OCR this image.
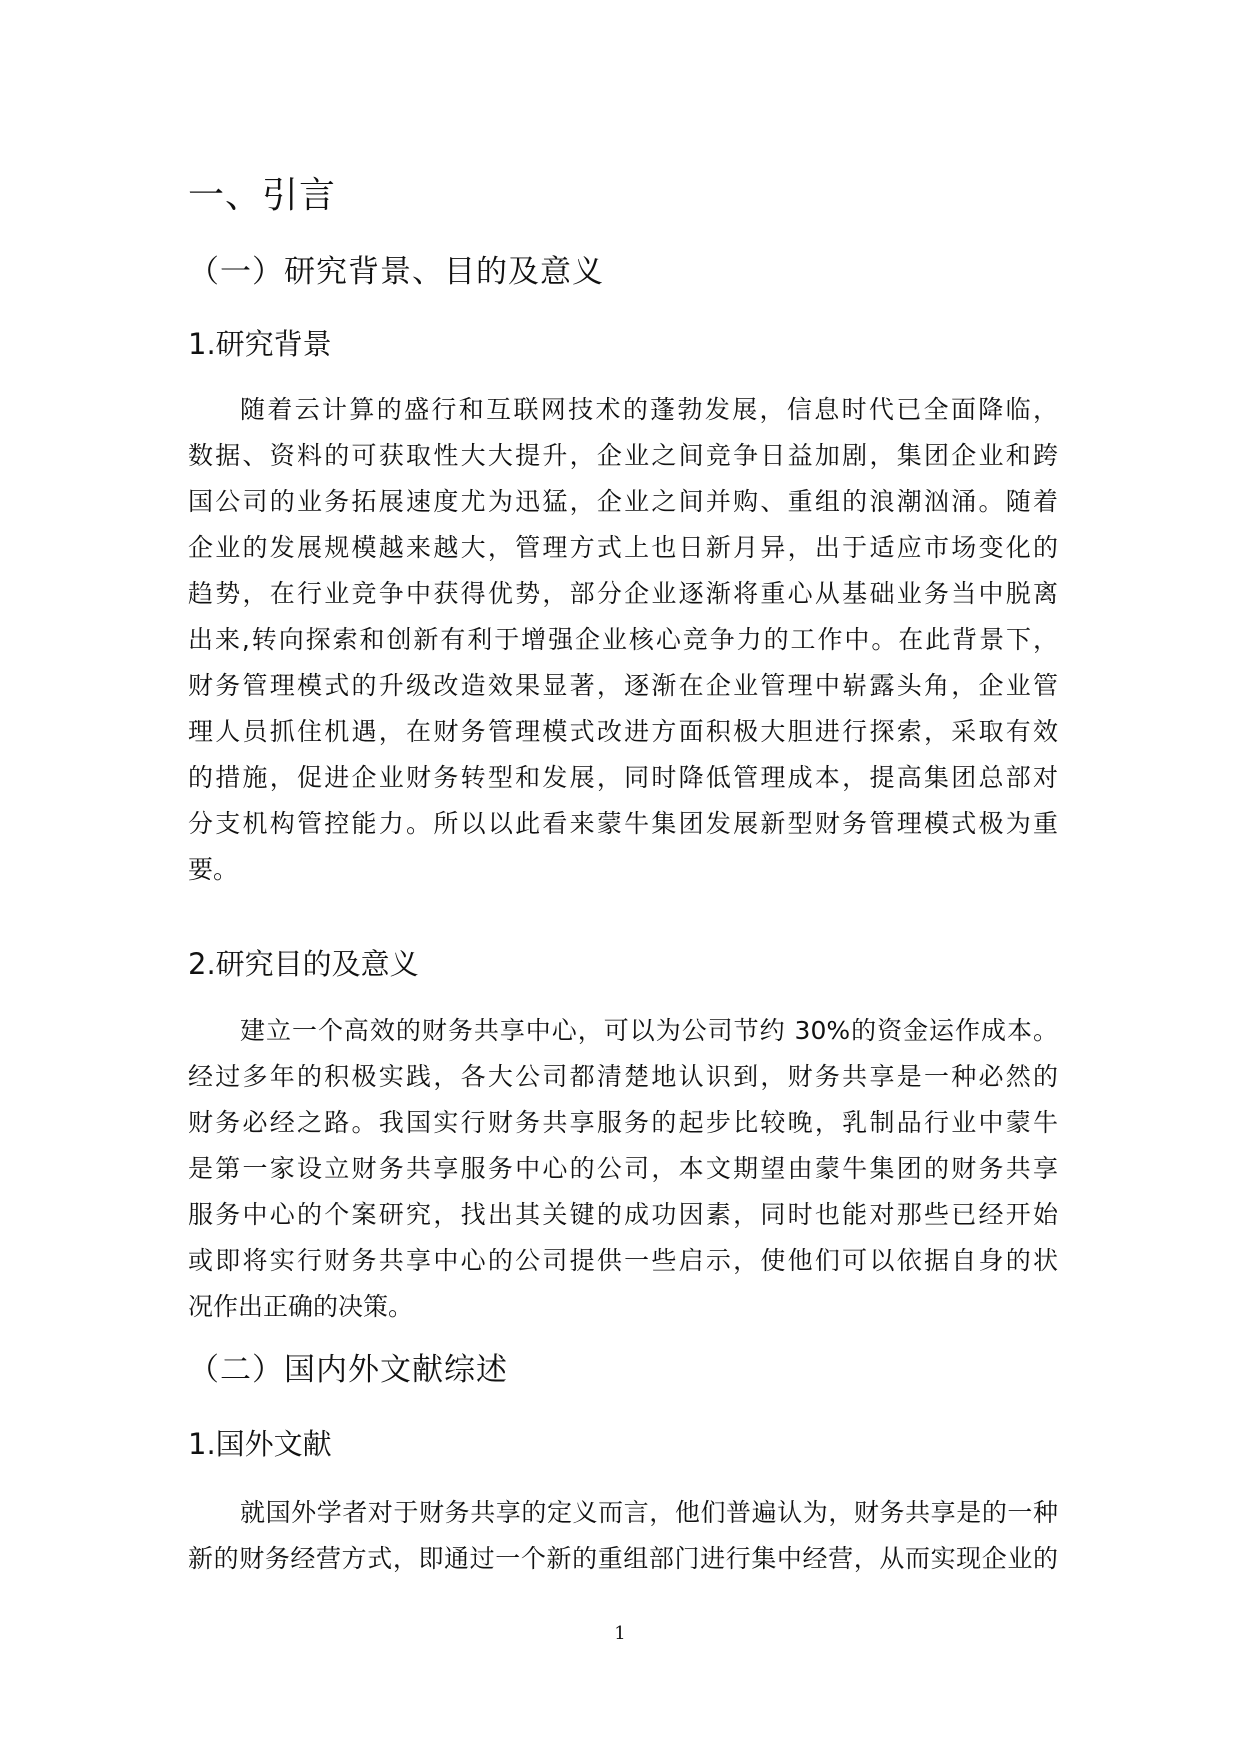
一、引言
（一）研究背景、目的及意义
1.研究背景
随着云计算的盛行和互联网技术的蓬勃发展，信息时代已全面降临，
数据、资料的可获取性大大提升，企业之间竞争日益加剧，集团企业和跨
国公司的业务拓展速度尤为迅猛，企业之间并购、重组的浪潮汹涌。随着
企业的发展规模越来越大，管理方式上也日新月异，出于适应市场变化的
趋势，在行业竞争中获得优势，部分企业逐渐将重心从基础业务当中脱离
出来,转向探索和创新有利于增强企业核心竞争力的工作中。在此背景下，
财务管理模式的升级改造效果显著，逐渐在企业管理中崭露头角，企业管
理人员抓住机遇，在财务管理模式改进方面积极大胆进行探索，采取有效
的措施，促进企业财务转型和发展，同时降低管理成本，提高集团总部对
分支机构管控能力。所以以此看来蒙牛集团发展新型财务管理模式极为重
要。
2.研究目的及意义
建立一个高效的财务共享中心，可以为公司节约 30%的资金运作成本。
经过多年的积极实践，各大公司都清楚地认识到，财务共享是一种必然的
财务必经之路。我国实行财务共享服务的起步比较晚，乳制品行业中蒙牛
是第一家设立财务共享服务中心的公司，本文期望由蒙牛集团的财务共享
服务中心的个案研究，找出其关键的成功因素，同时也能对那些已经开始
或即将实行财务共享中心的公司提供一些启示，使他们可以依据自身的状
况作出正确的决策。
（二）国内外文献综述
1.国外文献
就国外学者对于财务共享的定义而言，他们普遍认为，财务共享是的一种
新的财务经营方式，即通过一个新的重组部门进行集中经营，从而实现企业的
1
